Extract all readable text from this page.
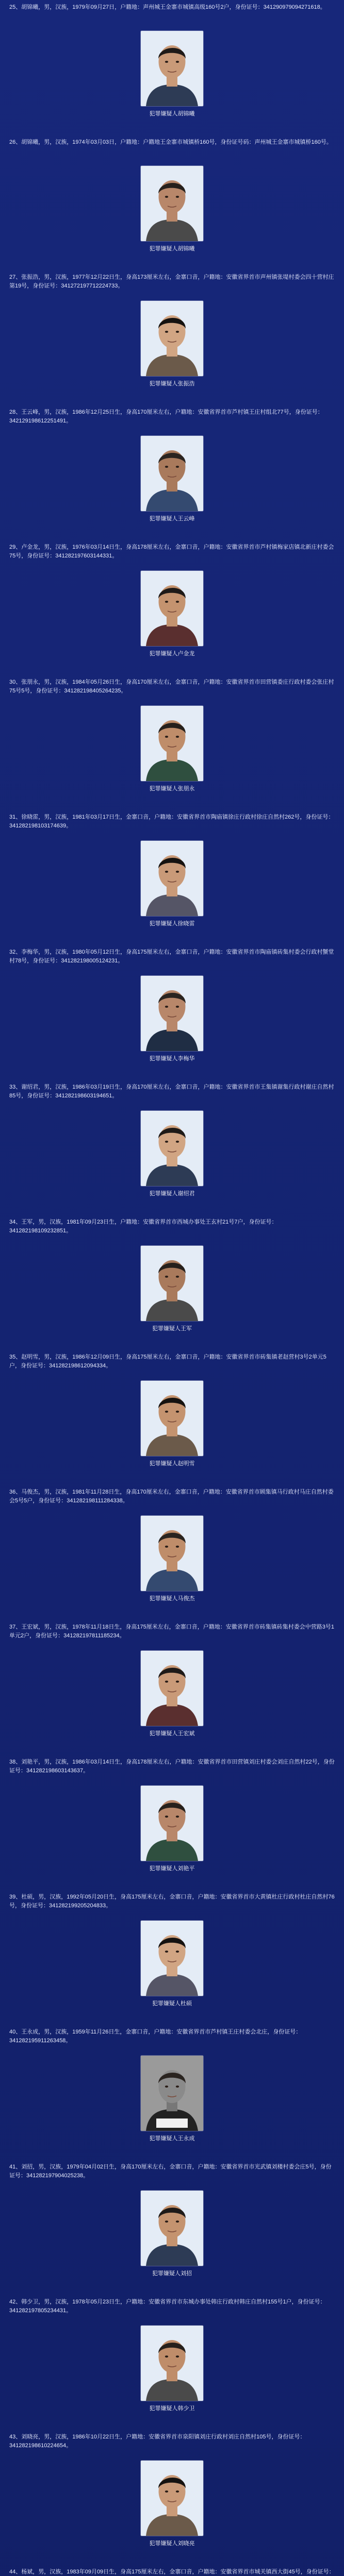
25、胡锦曦，男，汉族，1979年09月27日，户籍地：声州城王金寨市城镇高级160号2户，身份证号：341290979094271618。
犯罪嫌疑人胡锦曦
26、胡锦曦，男，汉族，1974年03月03日，户籍地：户籍地王金寨市城镇桥160号，身份证号码：声州城王金寨市城镇桥160号。
犯罪嫌疑人胡锦曦
27、张振浩，男，汉族，1977年12月22日生，身高173厘米左右，金寨口音，户籍地：安徽省界首市声州镇张堤村委会四十营村庄第19号，身份证号：341272197712224733。
犯罪嫌疑人张振浩
28、王云峰，男，汉族，1986年12月25日生，身高170厘米左右，户籍地：安徽省界首市芦村镇王庄村组北77号，身份证号：342129198612251491。
犯罪嫌疑人王云峰
29、卢金龙，男，汉族，1976年03月14日生，身高178厘米左右，金寨口音，户籍地：安徽省界首市芦村镇梅家店镇北新庄村委会75号，身份证号：341282197603144331。
犯罪嫌疑人卢金龙
30、张朋永，男，汉族，1984年05月26日生，身高170厘米左右，金寨口音，户籍地：安徽省界首市田营镇委庄行政村委会张庄村75号5号，身份证号：341282198405264235。
犯罪嫌疑人张朋永
31、徐晓雷，男，汉族，1981年03月17日生，金寨口音，户籍地：安徽省界首市陶庙镇徐庄行政村徐庄自然村262号，身份证号：341282198103174639。
犯罪嫌疑人徐晓雷
32、李梅华，男，汉族，1980年05月12日生，身高175厘米左右，金寨口音，户籍地：安徽省界首市陶庙镇砖集村委会行政村蟹堂村78号，身份证号：341282198005124231。
犯罪嫌疑人李梅华
33、谢绍君，男，汉族，1986年03月19日生，身高170厘米左右，金寨口音，户籍地：安徽省界首市王集镇谢集行政村谢庄自然村85号，身份证号：341282198603194651。
犯罪嫌疑人谢绍君
34、王军，男，汉族，1981年09月23日生，户籍地：安徽省界首市西城办事处王玄村21号7户，身份证号：341282198109232851。
犯罪嫌疑人王军
35、赵明雪，男，汉族，1986年12月09日生，身高175厘米左右，金寨口音，户籍地：安徽省界首市砖集镇老赵营村3号2单元5户，身份证号：341282198612094334。
犯罪嫌疑人赵明雪
36、马俊杰，男，汉族，1981年11月28日生，身高170厘米左右，金寨口音，户籍地：安徽省界首市顾集镇马行政村马庄自然村委会5号5户，身份证号：341282198111284338。
犯罪嫌疑人马俊杰
37、王宏斌，男，汉族，1978年11月18日生，身高175厘米左右，金寨口音，户籍地：安徽省界首市砖集镇砖集村委会中营路3号1单元2户，身份证号：341282197811185234。
犯罪嫌疑人王宏斌
38、刘艳平，男，汉族，1986年03月14日生，身高178厘米左右，户籍地：安徽省界首市田营镇刘庄村委会刘庄自然村22号，身份证号：341282198603143637。
犯罪嫌疑人刘艳平
39、杜硕，男，汉族，1992年05月20日生，身高175厘米左右，金寨口音，户籍地：安徽省界首市大黄镇杜庄行政村杜庄自然村76号，身份证号：341282199205204833。
犯罪嫌疑人杜硕
40、王永成，男，汉族，1959年11月26日生，金寨口音，户籍地：安徽省界首市芦村镇王庄村委会北庄，身份证号：341282195911263458。
犯罪嫌疑人王永成
41、刘招，男，汉族，1979年04月02日生，身高170厘米左右，金寨口音，户籍地：安徽省界首市光武镇刘楼村委会庄5号，身份证号：341282197904025238。
犯罪嫌疑人刘招
42、韩少卫，男，汉族，1978年05月23日生，户籍地：安徽省界首市东城办事处韩庄行政村韩庄自然村155号1户，身份证号：341282197805234431。
犯罪嫌疑人韩少卫
43、刘晓亮，男，汉族，1986年10月22日生，户籍地：安徽省界首市泉阳镇刘庄行政村刘庄自然村105号，身份证号：341282198610224654。
犯罪嫌疑人刘晓亮
44、杨斌，男，汉族，1983年09月09日生，身高175厘米左右，金寨口音，户籍地：安徽省界首市城关镇西大街45号，身份证号：
